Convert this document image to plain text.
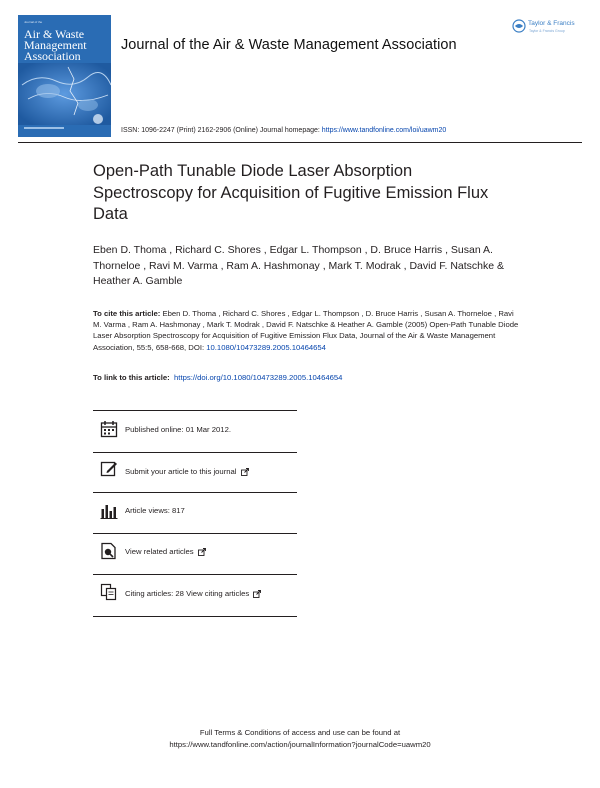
Journal of the
Air & Waste Management Association
Journal of the Air & Waste Management Association
Taylor & Francis
Taylor & Francis Group
ISSN: 1096-2247 (Print) 2162-2906 (Online) Journal homepage: https://www.tandfonline.com/loi/uawm20
Open-Path Tunable Diode Laser Absorption Spectroscopy for Acquisition of Fugitive Emission Flux Data
Eben D. Thoma , Richard C. Shores , Edgar L. Thompson , D. Bruce Harris , Susan A. Thorneloe , Ravi M. Varma , Ram A. Hashmonay , Mark T. Modrak , David F. Natschke & Heather A. Gamble
To cite this article: Eben D. Thoma , Richard C. Shores , Edgar L. Thompson , D. Bruce Harris , Susan A. Thorneloe , Ravi M. Varma , Ram A. Hashmonay , Mark T. Modrak , David F. Natschke & Heather A. Gamble (2005) Open-Path Tunable Diode Laser Absorption Spectroscopy for Acquisition of Fugitive Emission Flux Data, Journal of the Air & Waste Management Association, 55:5, 658-668, DOI: 10.1080/10473289.2005.10464654
To link to this article: https://doi.org/10.1080/10473289.2005.10464654
Published online: 01 Mar 2012.
Submit your article to this journal
Article views: 817
View related articles
Citing articles: 28 View citing articles
Full Terms & Conditions of access and use can be found at
https://www.tandfonline.com/action/journalInformation?journalCode=uawm20
